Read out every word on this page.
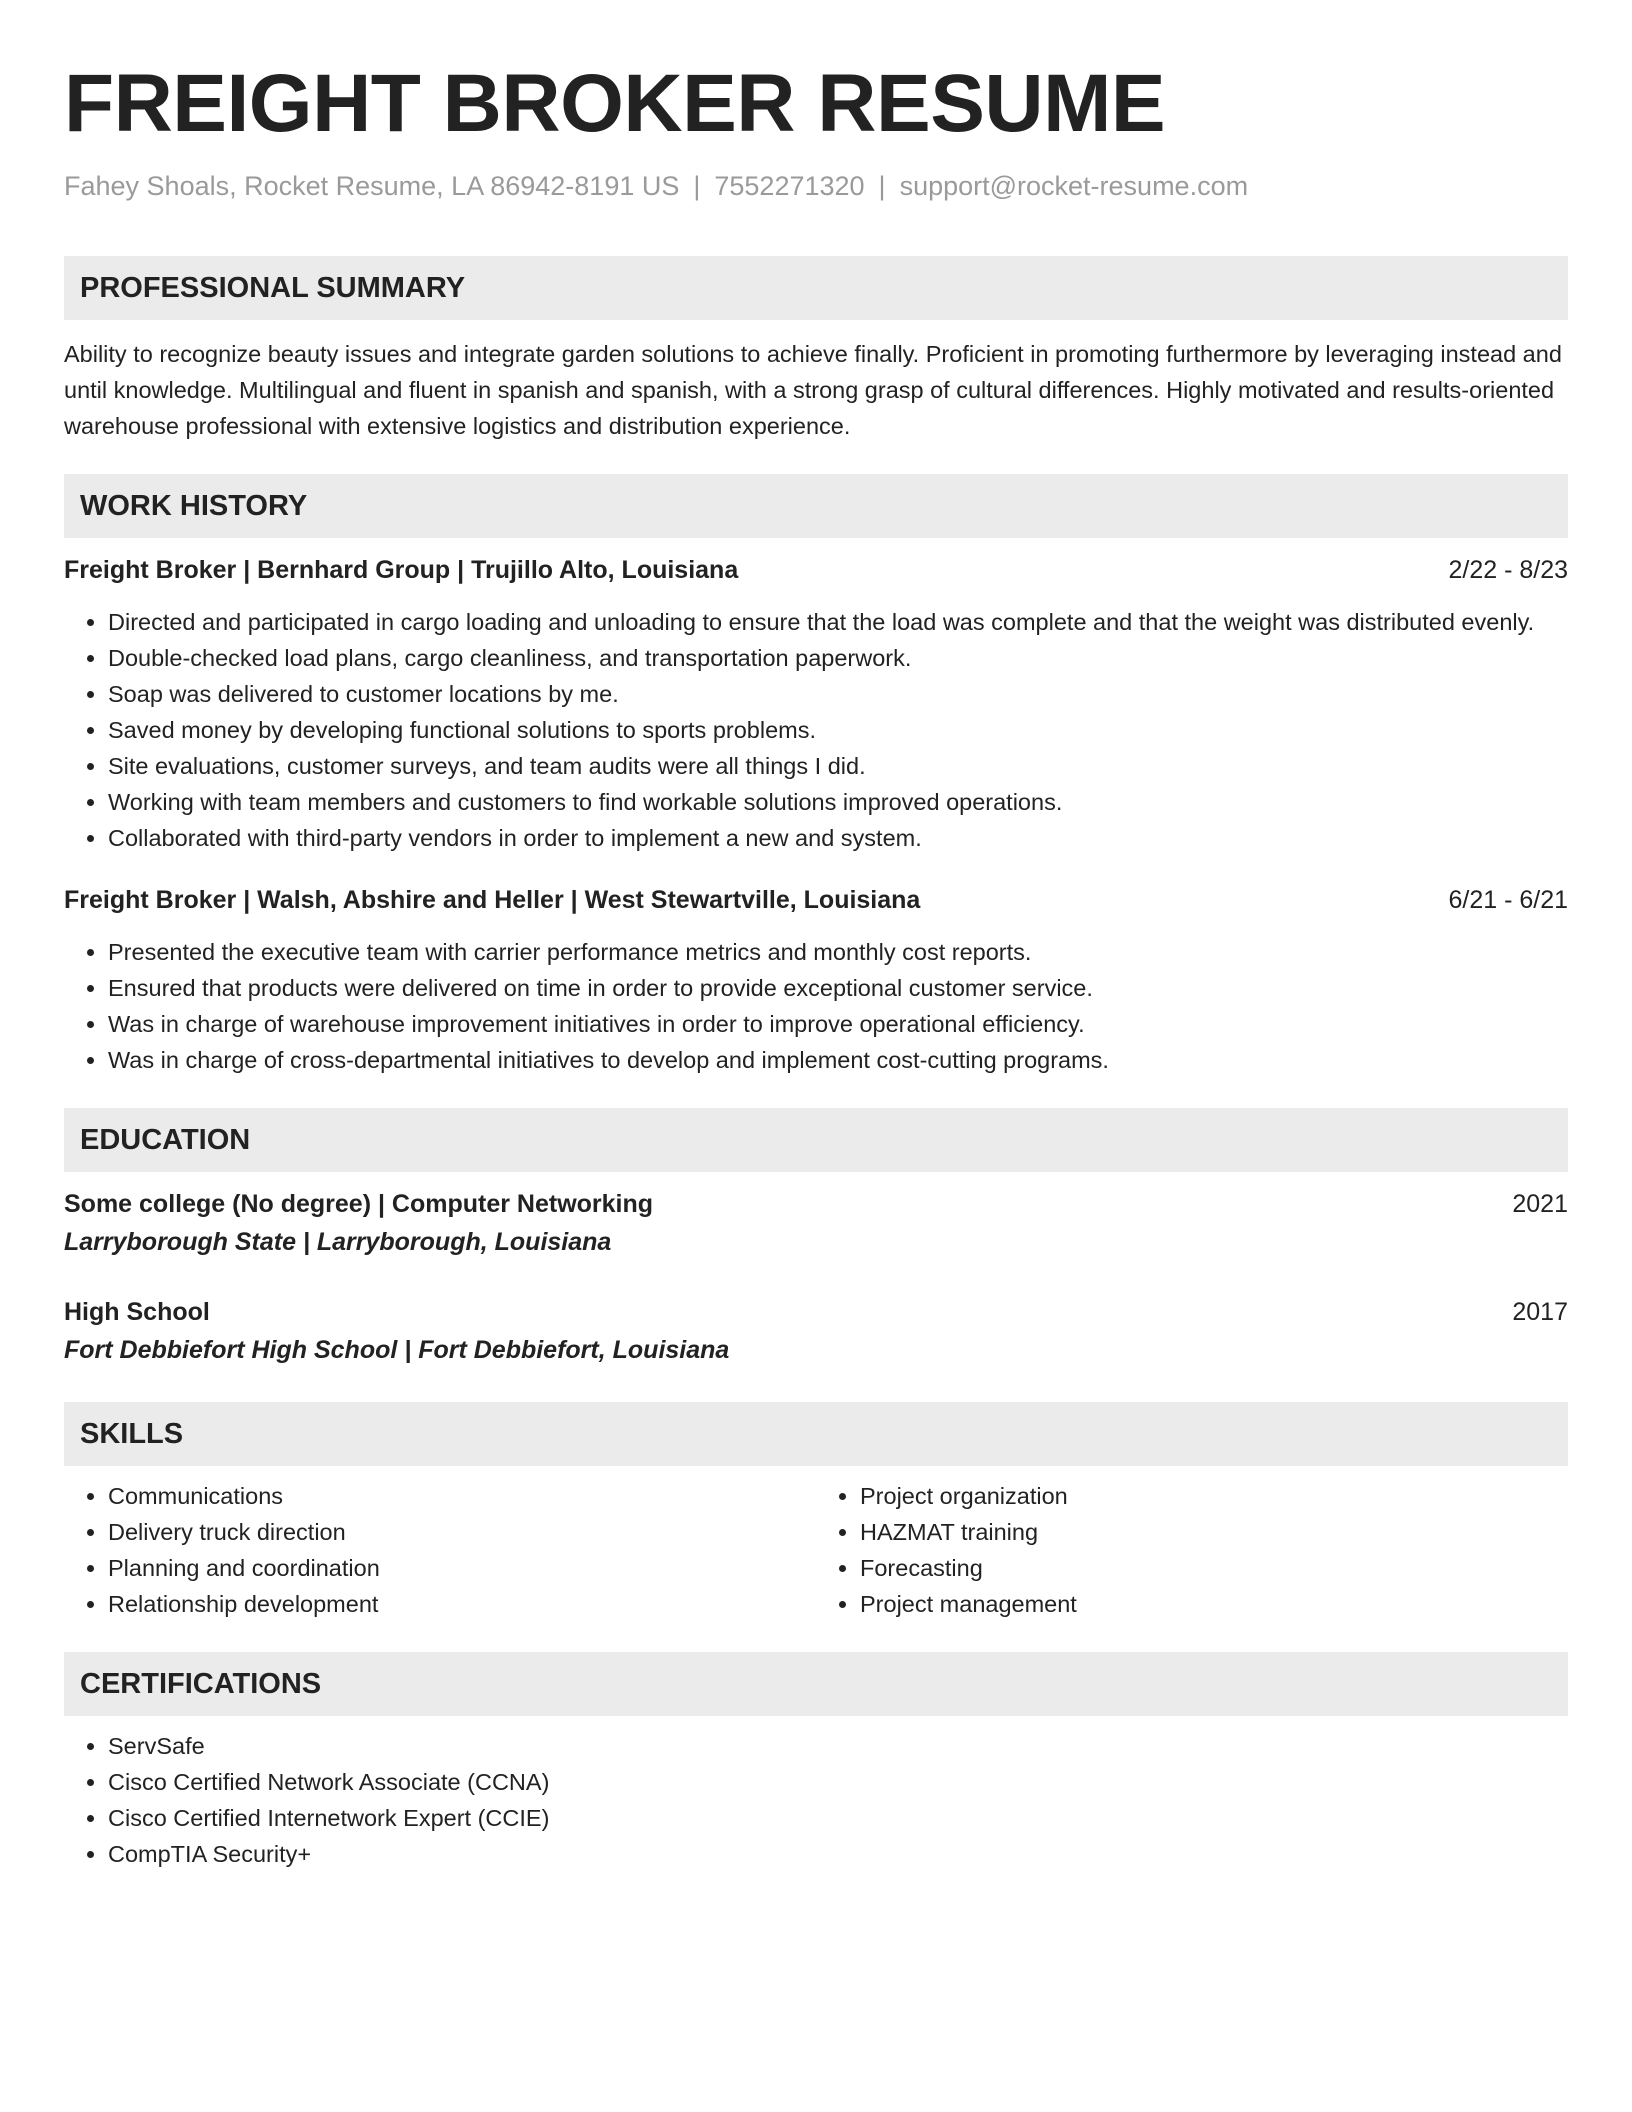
FREIGHT BROKER RESUME
Fahey Shoals, Rocket Resume, LA 86942-8191 US | 7552271320 | support@rocket-resume.com
PROFESSIONAL SUMMARY
Ability to recognize beauty issues and integrate garden solutions to achieve finally. Proficient in promoting furthermore by leveraging instead and until knowledge. Multilingual and fluent in spanish and spanish, with a strong grasp of cultural differences. Highly motivated and results-oriented warehouse professional with extensive logistics and distribution experience.
WORK HISTORY
Freight Broker | Bernhard Group | Trujillo Alto, Louisiana	2/22 - 8/23
• Directed and participated in cargo loading and unloading to ensure that the load was complete and that the weight was distributed evenly.
• Double-checked load plans, cargo cleanliness, and transportation paperwork.
• Soap was delivered to customer locations by me.
• Saved money by developing functional solutions to sports problems.
• Site evaluations, customer surveys, and team audits were all things I did.
• Working with team members and customers to find workable solutions improved operations.
• Collaborated with third-party vendors in order to implement a new and system.
Freight Broker | Walsh, Abshire and Heller | West Stewartville, Louisiana	6/21 - 6/21
• Presented the executive team with carrier performance metrics and monthly cost reports.
• Ensured that products were delivered on time in order to provide exceptional customer service.
• Was in charge of warehouse improvement initiatives in order to improve operational efficiency.
• Was in charge of cross-departmental initiatives to develop and implement cost-cutting programs.
EDUCATION
Some college (No degree) | Computer Networking	2021
Larryborough State | Larryborough, Louisiana
High School	2017
Fort Debbiefort High School | Fort Debbiefort, Louisiana
SKILLS
• Communications
• Delivery truck direction
• Planning and coordination
• Relationship development
• Project organization
• HAZMAT training
• Forecasting
• Project management
CERTIFICATIONS
• ServSafe
• Cisco Certified Network Associate (CCNA)
• Cisco Certified Internetwork Expert (CCIE)
• CompTIA Security+
